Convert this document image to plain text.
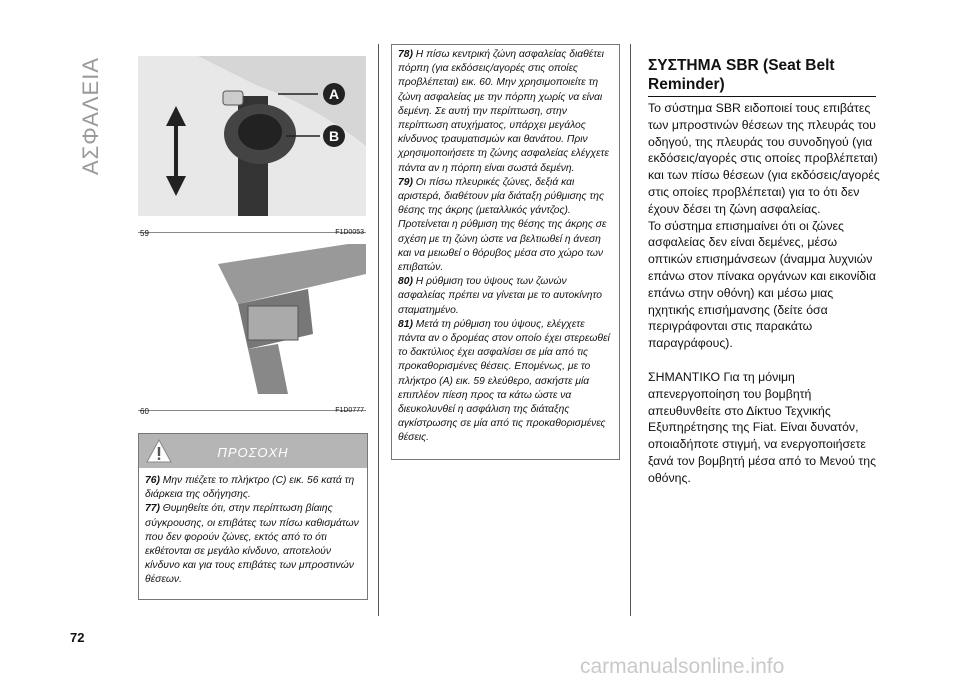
ΑΣΦΑΛΕΙΑ
72
A
B
59	F1D0053
60	F1D0777
ΠΡΟΣΟΧΗ

76) Μην πιέζετε το πλήκτρο (C) εικ. 56 κατά τη διάρκεια της οδήγησης.

77) Θυμηθείτε ότι, στην περίπτωση βίαιης σύγκρουσης, οι επιβάτες των πίσω καθισμάτων που δεν φορούν ζώνες, εκτός από το ότι εκθέτονται σε μεγάλο κίνδυνο, αποτελούν κίνδυνο και για τους επιβάτες των μπροστινών θέσεων.

78) Η πίσω κεντρική ζώνη ασφαλείας διαθέτει πόρπη (για εκδόσεις/αγορές στις οποίες προβλέπεται) εικ. 60. Μην χρησιμοποιείτε τη ζώνη ασφαλείας με την πόρπη χωρίς να είναι δεμένη. Σε αυτή την περίπτωση, στην περίπτωση ατυχήματος, υπάρχει μεγάλος κίνδυνος τραυματισμών και θανάτου. Πριν χρησιμοποιήσετε τη ζώνης ασφαλείας ελέγχετε πάντα αν η πόρπη είναι σωστά δεμένη.

79) Οι πίσω πλευρικές ζώνες, δεξιά και αριστερά, διαθέτουν μία διάταξη ρύθμισης της θέσης της άκρης (μεταλλικός γάντζος). Προτείνεται η ρύθμιση της θέσης της άκρης σε σχέση με τη ζώνη ώστε να βελτιωθεί η άνεση και να μειωθεί ο θόρυβος μέσα στο χώρο των επιβατών.

80) Η ρύθμιση του ύψους των ζωνών ασφαλείας πρέπει να γίνεται με το αυτοκίνητο σταματημένο.

81) Μετά τη ρύθμιση του ύψους, ελέγχετε πάντα αν ο δρομέας στον οποίο έχει στερεωθεί το δακτύλιος έχει ασφαλίσει σε μία από τις προκαθορισμένες θέσεις. Επομένως, με το πλήκτρο (A) εικ. 59 ελεύθερο, ασκήστε μία επιπλέον πίεση προς τα κάτω ώστε να διευκολυνθεί η ασφάλιση της διάταξης αγκίστρωσης σε μία από τις προκαθορισμένες θέσεις.

ΣΥΣΤΗΜΑ SBR (Seat Belt Reminder)

Το σύστημα SBR ειδοποιεί τους επιβάτες των μπροστινών θέσεων της πλευράς του οδηγού, της πλευράς του συνοδηγού (για εκδόσεις/αγορές στις οποίες προβλέπεται) και των πίσω θέσεων (για εκδόσεις/αγορές στις οποίες προβλέπεται) για το ότι δεν έχουν δέσει τη ζώνη ασφαλείας.

Το σύστημα επισημαίνει ότι οι ζώνες ασφαλείας δεν είναι δεμένες, μέσω οπτικών επισημάνσεων (άναμμα λυχνιών επάνω στον πίνακα οργάνων και εικονίδια επάνω στην οθόνη) και μέσω μιας ηχητικής επισήμανσης (δείτε όσα περιγράφονται στις παρακάτω παραγράφους).

ΣΗΜΑΝΤΙΚΟ Για τη μόνιμη απενεργοποίηση του βομβητή απευθυνθείτε στο Δίκτυο Τεχνικής Εξυπηρέτησης της Fiat. Είναι δυνατόν, οποιαδήποτε στιγμή, να ενεργοποιήσετε ξανά τον βομβητή μέσα από το Μενού της οθόνης.

carmanualsonline.info
